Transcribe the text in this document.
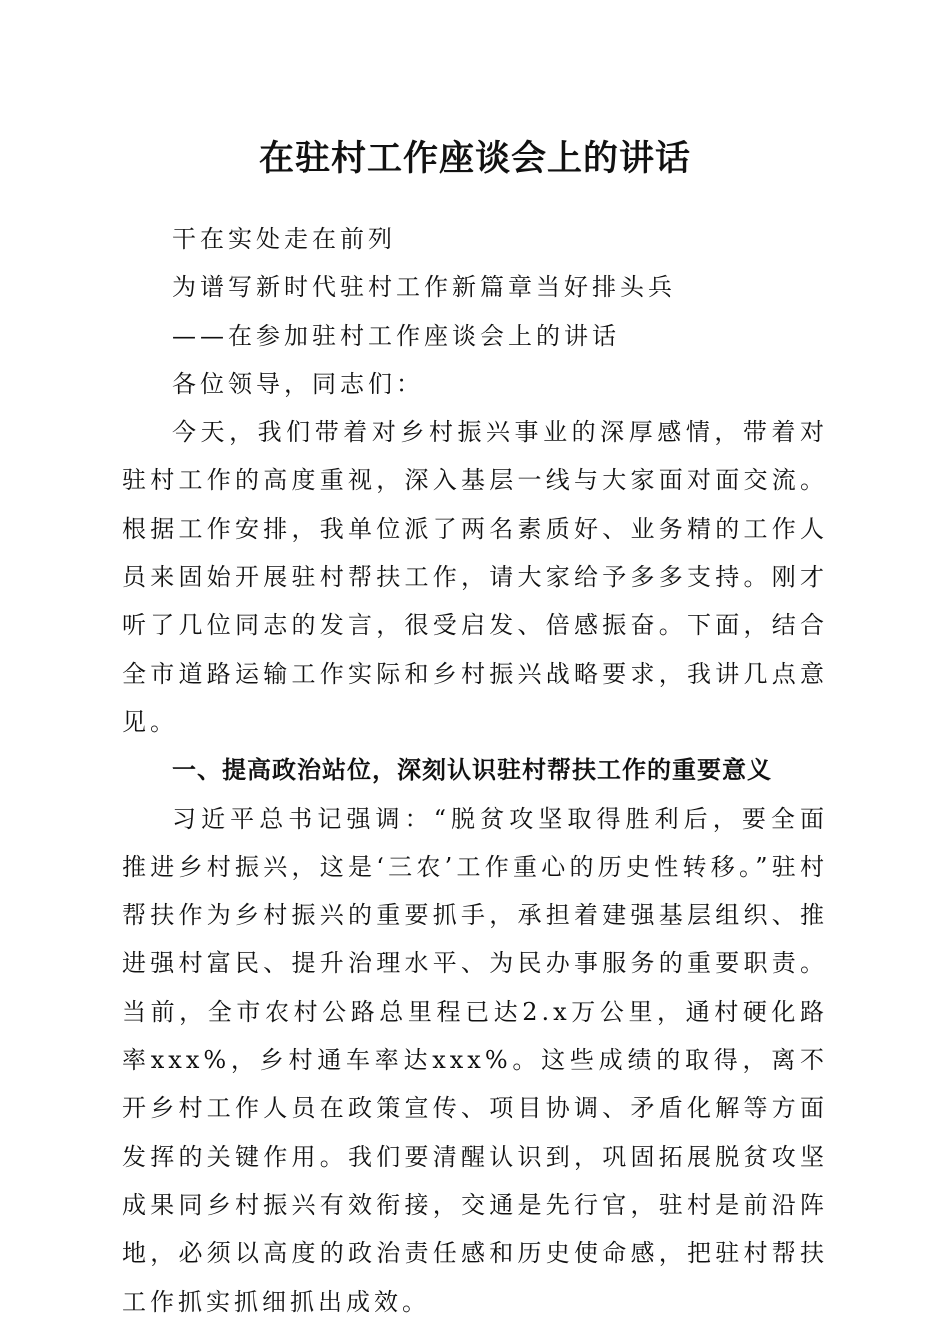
在驻村工作座谈会上的讲话

干在实处走在前列

为谱写新时代驻村工作新篇章当好排头兵

——在参加驻村工作座谈会上的讲话

各位领导，同志们：

今天，我们带着对乡村振兴事业的深厚感情，带着对驻村工作的高度重视，深入基层一线与大家面对面交流。根据工作安排，我单位派了两名素质好、业务精的工作人员来固始开展驻村帮扶工作，请大家给予多多支持。刚才听了几位同志的发言，很受启发、倍感振奋。下面，结合全市道路运输工作实际和乡村振兴战略要求，我讲几点意见。

一、提高政治站位，深刻认识驻村帮扶工作的重要意义

习近平总书记强调：“脱贫攻坚取得胜利后，要全面推进乡村振兴，这是‘三农’工作重心的历史性转移。”驻村帮扶作为乡村振兴的重要抓手，承担着建强基层组织、推进强村富民、提升治理水平、为民办事服务的重要职责。当前，全市农村公路总里程已达2.x万公里，通村硬化路率xxx%，乡村通车率达xxx%。这些成绩的取得，离不开乡村工作人员在政策宣传、项目协调、矛盾化解等方面发挥的关键作用。我们要清醒认识到，巩固拓展脱贫攻坚成果同乡村振兴有效衔接，交通是先行官，驻村是前沿阵地，必须以高度的政治责任感和历史使命感，把驻村帮扶工作抓实抓细抓出成效。
